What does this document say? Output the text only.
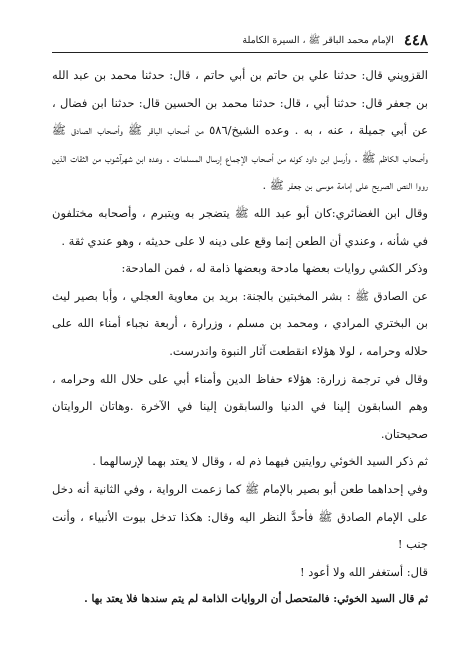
٤٤٨
الإمام محمد الباقر ﷺ ، السيرة الكاملة

القزويني قال: حدثنا علي بن حاتم بن أبي حاتم ، قال: حدثنا محمد بن عبد الله بن جعفر قال: حدثنا أبي ، قال: حدثنا محمد بن الحسين قال: حدثنا ابن فضال ، عن أبي جميلة ، عنه ، به . وعده الشيخ/٥٨٦ من أصحاب الباقر ﷺ وأصحاب الصادق ﷺ وأصحاب الكاظم ﷺ . وأرسل ابن داود كونه من أصحاب الإجماع إرسال المسلمات . وعده ابن شهرآشوب من الثقات الذين رووا النص الصريح على إمامة موسى بن جعفر ﷺ .

وقال ابن الغضائري:كان أبو عبد الله ﷺ يتضجر به ويتبرم ، وأصحابه مختلفون في شأنه ، وعندي أن الطعن إنما وقع على دينه لا على حديثه ، وهو عندي ثقة .

وذكر الكشي روايات بعضها مادحة وبعضها ذامة له ، فمن المادحة:

عن الصادق ﷺ : بشر المخبتين بالجنة: بريد بن معاوية العجلي ، وأبا بصير ليث بن البختري المرادي ، ومحمد بن مسلم ، وزرارة ، أربعة نجباء أمناء الله على حلاله وحرامه ، لولا هؤلاء انقطعت آثار النبوة واندرست.

وقال في ترجمة زرارة: هؤلاء حفاظ الدين وأمناء أبي على حلال الله وحرامه ، وهم السابقون إلينا في الدنيا والسابقون إلينا في الآخرة .وهاتان الروايتان صحيحتان.

ثم ذكر السيد الخوئي روايتين فيهما ذم له ، وقال لا يعتد بهما لإرسالهما .

وفي إحداهما طعن أبو بصير بالإمام ﷺ كما زعمت الرواية ، وفي الثانية أنه دخل على الإمام الصادق ﷺ فأحدَّ النظر اليه وقال: هكذا تدخل بيوت الأنبياء ، وأنت جنب !

قال: أستغفر الله ولا أعود !

ثم قال السيد الخوئي: فالمتحصل أن الروايات الذامة لم يتم سندها فلا يعتد بها .
